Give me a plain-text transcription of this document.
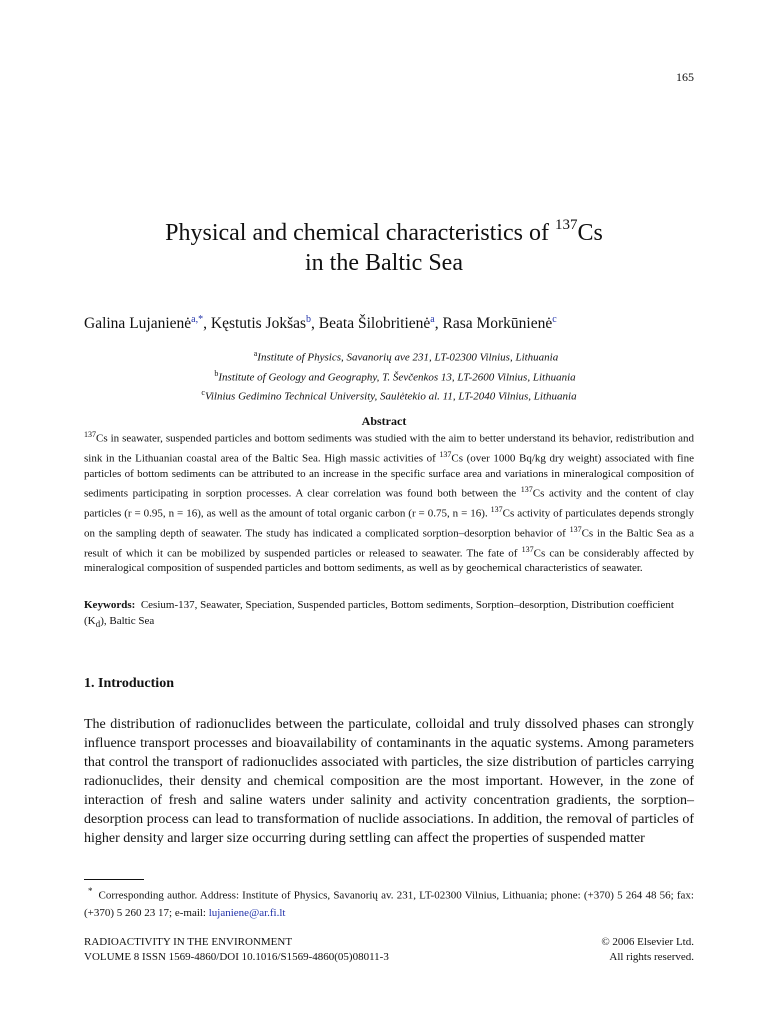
165
Physical and chemical characteristics of $^{137}$Cs
in the Baltic Sea
Galina Lujanienė$^{a,*}$, Kęstutis Jokšas$^b$, Beata Šilobritienė$^a$, Rasa Morkūnienė$^c$
$^a$Institute of Physics, Savanorių ave 231, LT-02300 Vilnius, Lithuania
$^b$Institute of Geology and Geography, T. Ševčenkos 13, LT-2600 Vilnius, Lithuania
$^c$Vilnius Gedimino Technical University, Saulėtekio al. 11, LT-2040 Vilnius, Lithuania
Abstract
$^{137}$Cs in seawater, suspended particles and bottom sediments was studied with the aim to better understand its behavior, redistribution and sink in the Lithuanian coastal area of the Baltic Sea. High massic activities of $^{137}$Cs (over 1000 Bq/kg dry weight) associated with fine particles of bottom sediments can be attributed to an increase in the specific surface area and variations in mineralogical composition of sediments participating in sorption processes. A clear correlation was found both between the $^{137}$Cs activity and the content of clay particles (r = 0.95, n = 16), as well as the amount of total organic carbon (r = 0.75, n = 16). $^{137}$Cs activity of particulates depends strongly on the sampling depth of seawater. The study has indicated a complicated sorption–desorption behavior of $^{137}$Cs in the Baltic Sea as a result of which it can be mobilized by suspended particles or released to seawater. The fate of $^{137}$Cs can be considerably affected by mineralogical composition of suspended particles and bottom sediments, as well as by geochemical characteristics of seawater.
Keywords: Cesium-137, Seawater, Speciation, Suspended particles, Bottom sediments, Sorption–desorption, Distribution coefficient $(K_d)$, Baltic Sea
1. Introduction
The distribution of radionuclides between the particulate, colloidal and truly dissolved phases can strongly influence transport processes and bioavailability of contaminants in the aquatic systems. Among parameters that control the transport of radionuclides associated with particles, the size distribution of particles carrying radionuclides, their density and chemical composition are the most important. However, in the zone of interaction of fresh and saline waters under salinity and activity concentration gradients, the sorption–desorption process can lead to transformation of nuclide associations. In addition, the removal of particles of higher density and larger size occurring during settling can affect the properties of suspended matter
* Corresponding author. Address: Institute of Physics, Savanorių av. 231, LT-02300 Vilnius, Lithuania; phone: (+370) 5 264 48 56; fax: (+370) 5 260 23 17; e-mail: lujaniene@ar.fi.lt
RADIOACTIVITY IN THE ENVIRONMENT
VOLUME 8 ISSN 1569-4860/DOI 10.1016/S1569-4860(05)08011-3
© 2006 Elsevier Ltd.
All rights reserved.
